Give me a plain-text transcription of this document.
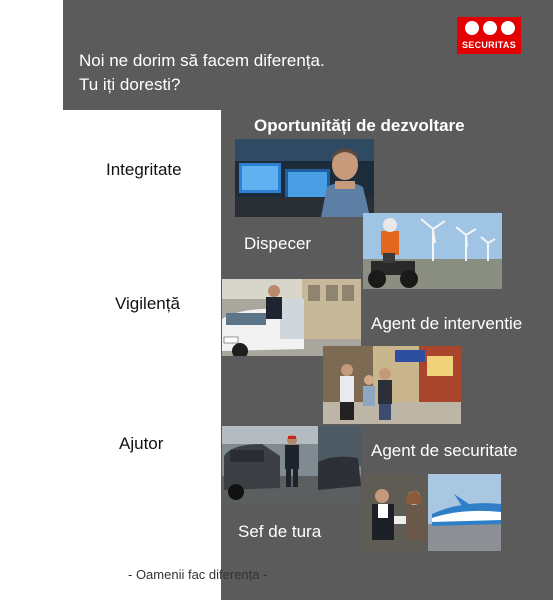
Noi ne dorim să facem diferența.
Tu iți doresti?
SECURITAS
Oportunități de dezvoltare
Integritate
Vigilență
Ajutor
Dispecer
Agent de interventie
Agent de securitate
Sef de tura
- Oamenii fac diferența -
